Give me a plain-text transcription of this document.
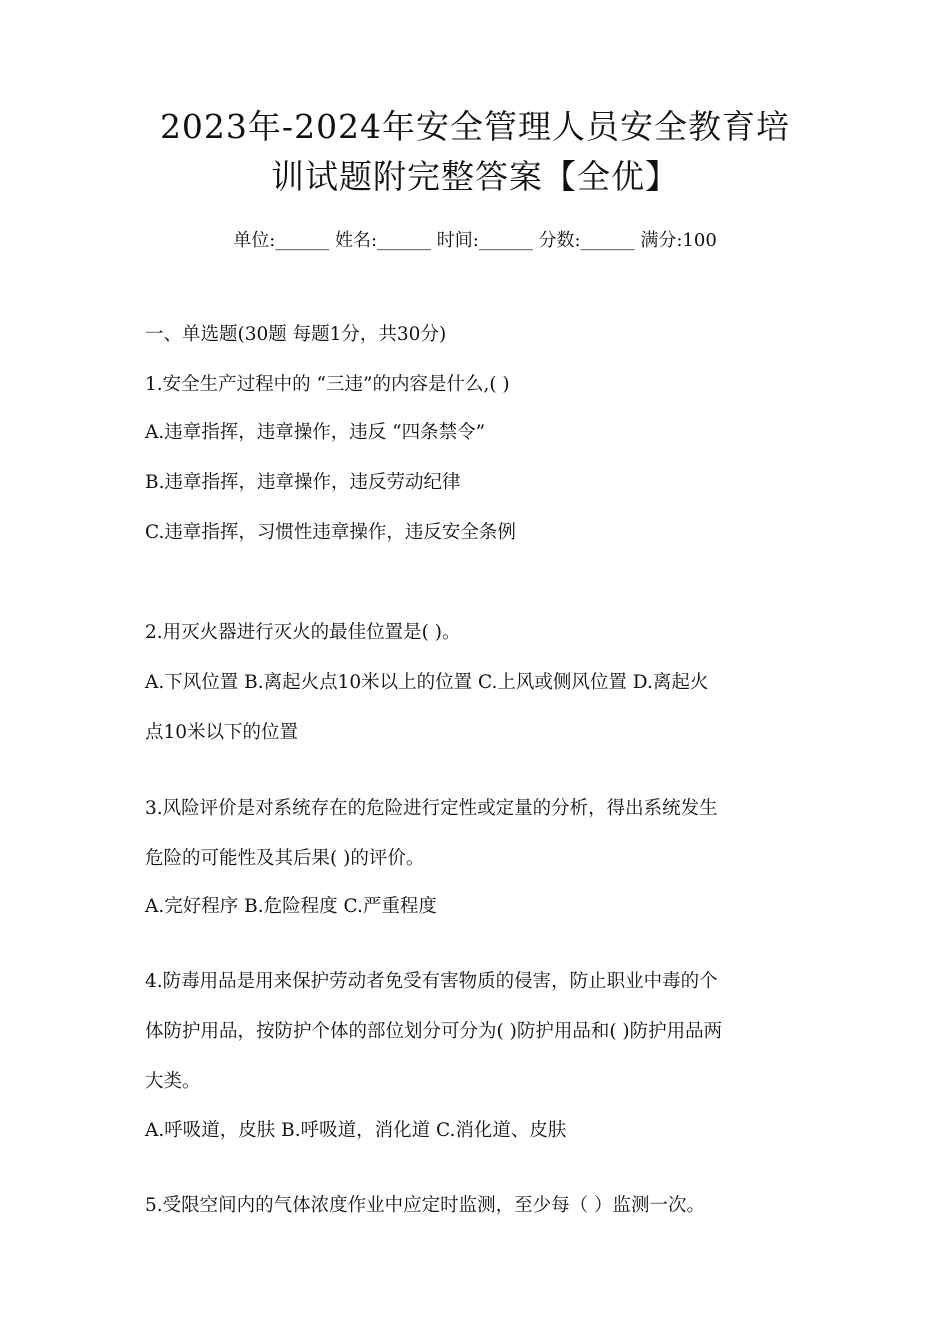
2023年-2024年安全管理人员安全教育培
训试题附完整答案【全优】
单位:______ 姓名:______ 时间:______ 分数:______ 满分:100
一、单选题(30题 每题1分，共30分)
1.安全生产过程中的 “三违”的内容是什么,( )
A.违章指挥，违章操作，违反 “四条禁令”
B.违章指挥，违章操作，违反劳动纪律
C.违章指挥，习惯性违章操作，违反安全条例
2.用灭火器进行灭火的最佳位置是( )。
A.下风位置 B.离起火点10米以上的位置 C.上风或侧风位置 D.离起火
点10米以下的位置
3.风险评价是对系统存在的危险进行定性或定量的分析，得出系统发生
危险的可能性及其后果( )的评价。
A.完好程序 B.危险程度 C.严重程度
4.防毒用品是用来保护劳动者免受有害物质的侵害，防止职业中毒的个
体防护用品，按防护个体的部位划分可分为( )防护用品和( )防护用品两
大类。
A.呼吸道，皮肤 B.呼吸道，消化道 C.消化道、皮肤
5.受限空间内的气体浓度作业中应定时监测，至少每（ ）监测一次。
